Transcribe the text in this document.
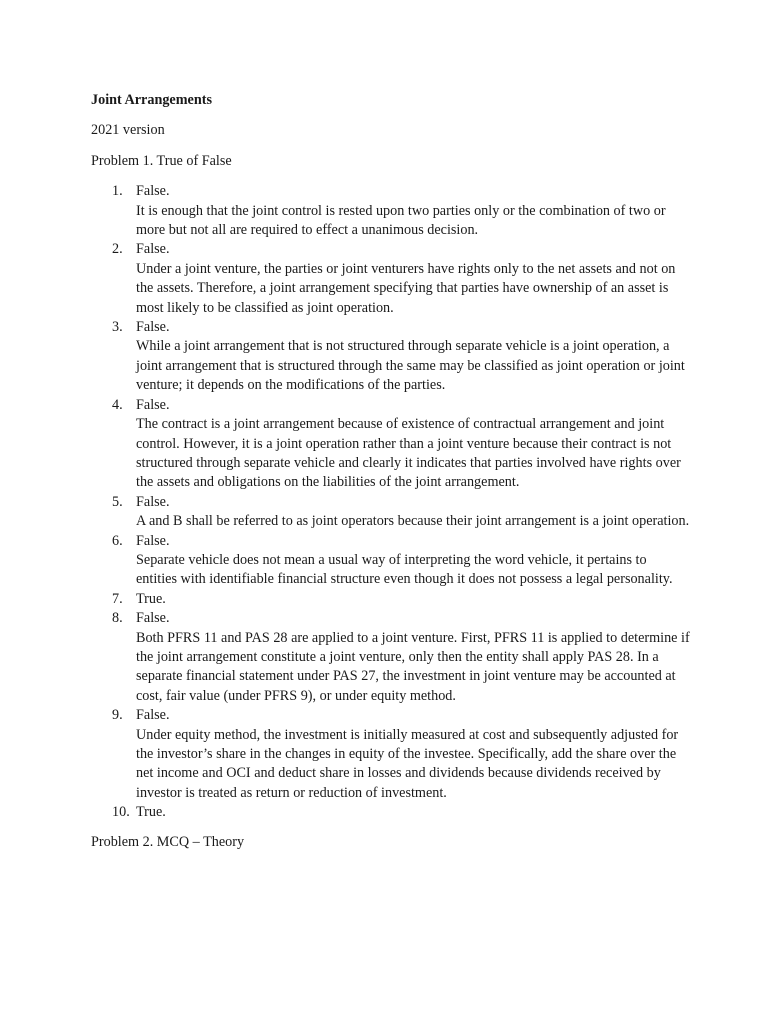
Joint Arrangements
2021 version
Problem 1. True of False
1. False.
It is enough that the joint control is rested upon two parties only or the combination of two or more but not all are required to effect a unanimous decision.
2. False.
Under a joint venture, the parties or joint venturers have rights only to the net assets and not on the assets. Therefore, a joint arrangement specifying that parties have ownership of an asset is most likely to be classified as joint operation.
3. False.
While a joint arrangement that is not structured through separate vehicle is a joint operation, a joint arrangement that is structured through the same may be classified as joint operation or joint venture; it depends on the modifications of the parties.
4. False.
The contract is a joint arrangement because of existence of contractual arrangement and joint control. However, it is a joint operation rather than a joint venture because their contract is not structured through separate vehicle and clearly it indicates that parties involved have rights over the assets and obligations on the liabilities of the joint arrangement.
5. False.
A and B shall be referred to as joint operators because their joint arrangement is a joint operation.
6. False.
Separate vehicle does not mean a usual way of interpreting the word vehicle, it pertains to entities with identifiable financial structure even though it does not possess a legal personality.
7. True.
8. False.
Both PFRS 11 and PAS 28 are applied to a joint venture. First, PFRS 11 is applied to determine if the joint arrangement constitute a joint venture, only then the entity shall apply PAS 28. In a separate financial statement under PAS 27, the investment in joint venture may be accounted at cost, fair value (under PFRS 9), or under equity method.
9. False.
Under equity method, the investment is initially measured at cost and subsequently adjusted for the investor’s share in the changes in equity of the investee. Specifically, add the share over the net income and OCI and deduct share in losses and dividends because dividends received by investor is treated as return or reduction of investment.
10. True.
Problem 2. MCQ – Theory
